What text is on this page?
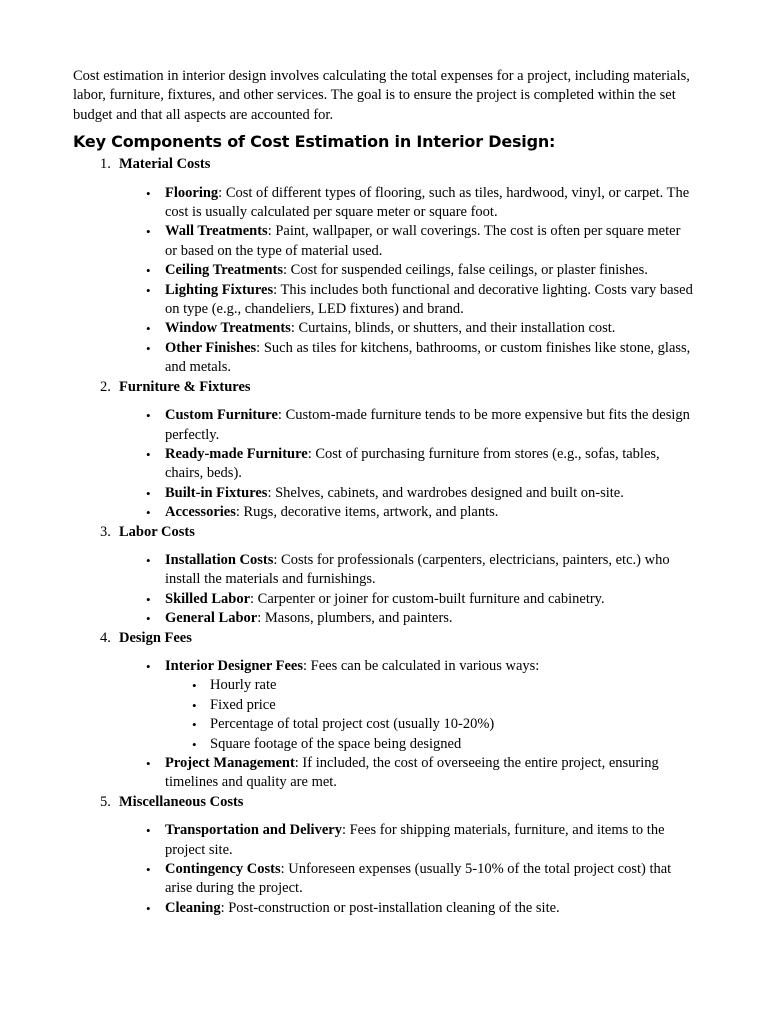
Cost estimation in interior design involves calculating the total expenses for a project, including materials, labor, furniture, fixtures, and other services. The goal is to ensure the project is completed within the set budget and that all aspects are accounted for.

Key Components of Cost Estimation in Interior Design:
1. Material Costs
• Flooring: Cost of different types of flooring, such as tiles, hardwood, vinyl, or carpet. The cost is usually calculated per square meter or square foot.
• Wall Treatments: Paint, wallpaper, or wall coverings. The cost is often per square meter or based on the type of material used.
• Ceiling Treatments: Cost for suspended ceilings, false ceilings, or plaster finishes.
• Lighting Fixtures: This includes both functional and decorative lighting. Costs vary based on type (e.g., chandeliers, LED fixtures) and brand.
• Window Treatments: Curtains, blinds, or shutters, and their installation cost.
• Other Finishes: Such as tiles for kitchens, bathrooms, or custom finishes like stone, glass, and metals.
2. Furniture & Fixtures
• Custom Furniture: Custom-made furniture tends to be more expensive but fits the design perfectly.
• Ready-made Furniture: Cost of purchasing furniture from stores (e.g., sofas, tables, chairs, beds).
• Built-in Fixtures: Shelves, cabinets, and wardrobes designed and built on-site.
• Accessories: Rugs, decorative items, artwork, and plants.
3. Labor Costs
• Installation Costs: Costs for professionals (carpenters, electricians, painters, etc.) who install the materials and furnishings.
• Skilled Labor: Carpenter or joiner for custom-built furniture and cabinetry.
• General Labor: Masons, plumbers, and painters.
4. Design Fees
• Interior Designer Fees: Fees can be calculated in various ways:
• Hourly rate
• Fixed price
• Percentage of total project cost (usually 10-20%)
• Square footage of the space being designed
• Project Management: If included, the cost of overseeing the entire project, ensuring timelines and quality are met.
5. Miscellaneous Costs
• Transportation and Delivery: Fees for shipping materials, furniture, and items to the project site.
• Contingency Costs: Unforeseen expenses (usually 5-10% of the total project cost) that arise during the project.
• Cleaning: Post-construction or post-installation cleaning of the site.
